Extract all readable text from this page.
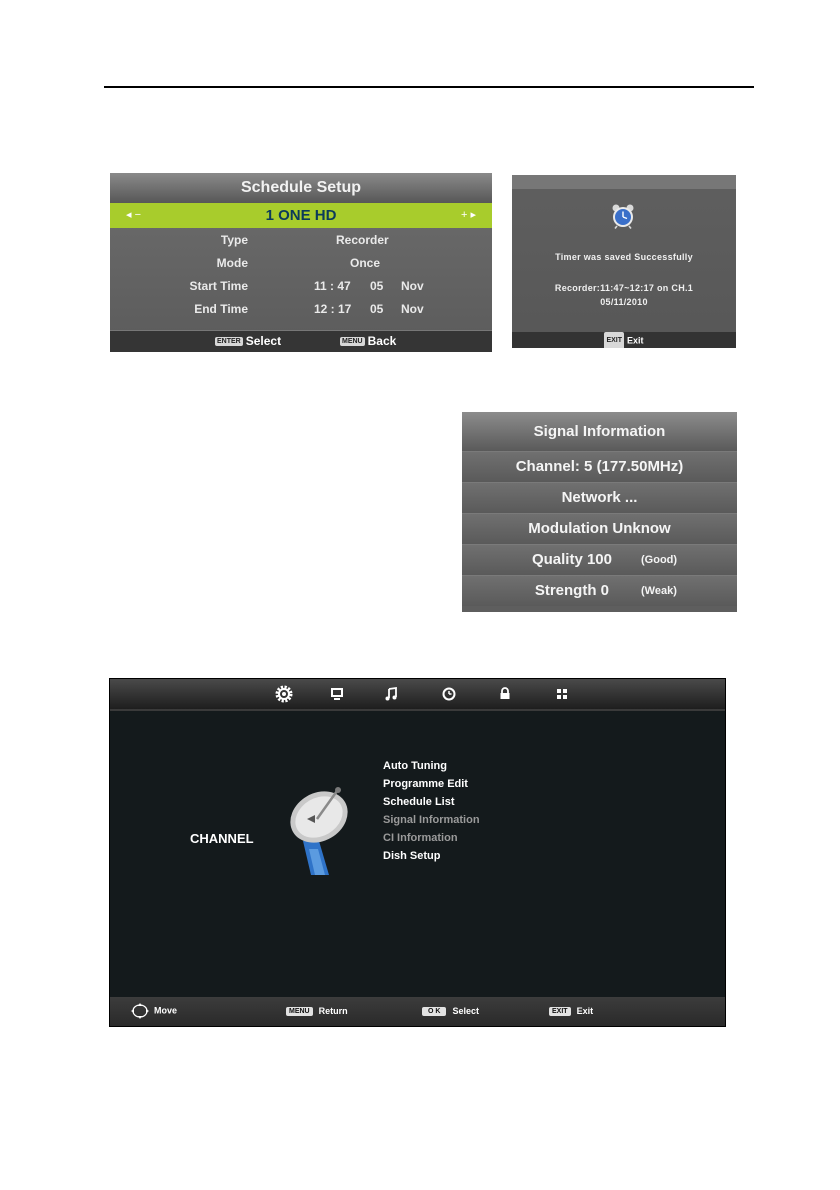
Schedule Setup
◂ −	1 ONE HD	+ ▸
Type	Recorder
Mode	Once
Start Time	11 : 47 05 Nov
End Time	12 : 17 05 Nov
ENTER Select	MENU Back
Timer was saved Successfully
Recorder:11:47~12:17 on CH.1
05/11/2010
EXIT Exit
Signal Information
Channel: 5 (177.50MHz)
Network ...
Modulation Unknow
Quality 100	(Good)
Strength 0	(Weak)
CHANNEL
Auto Tuning
Programme Edit
Schedule List
Signal Information
CI Information
Dish Setup
Move	MENU Return	O K Select	EXIT Exit
